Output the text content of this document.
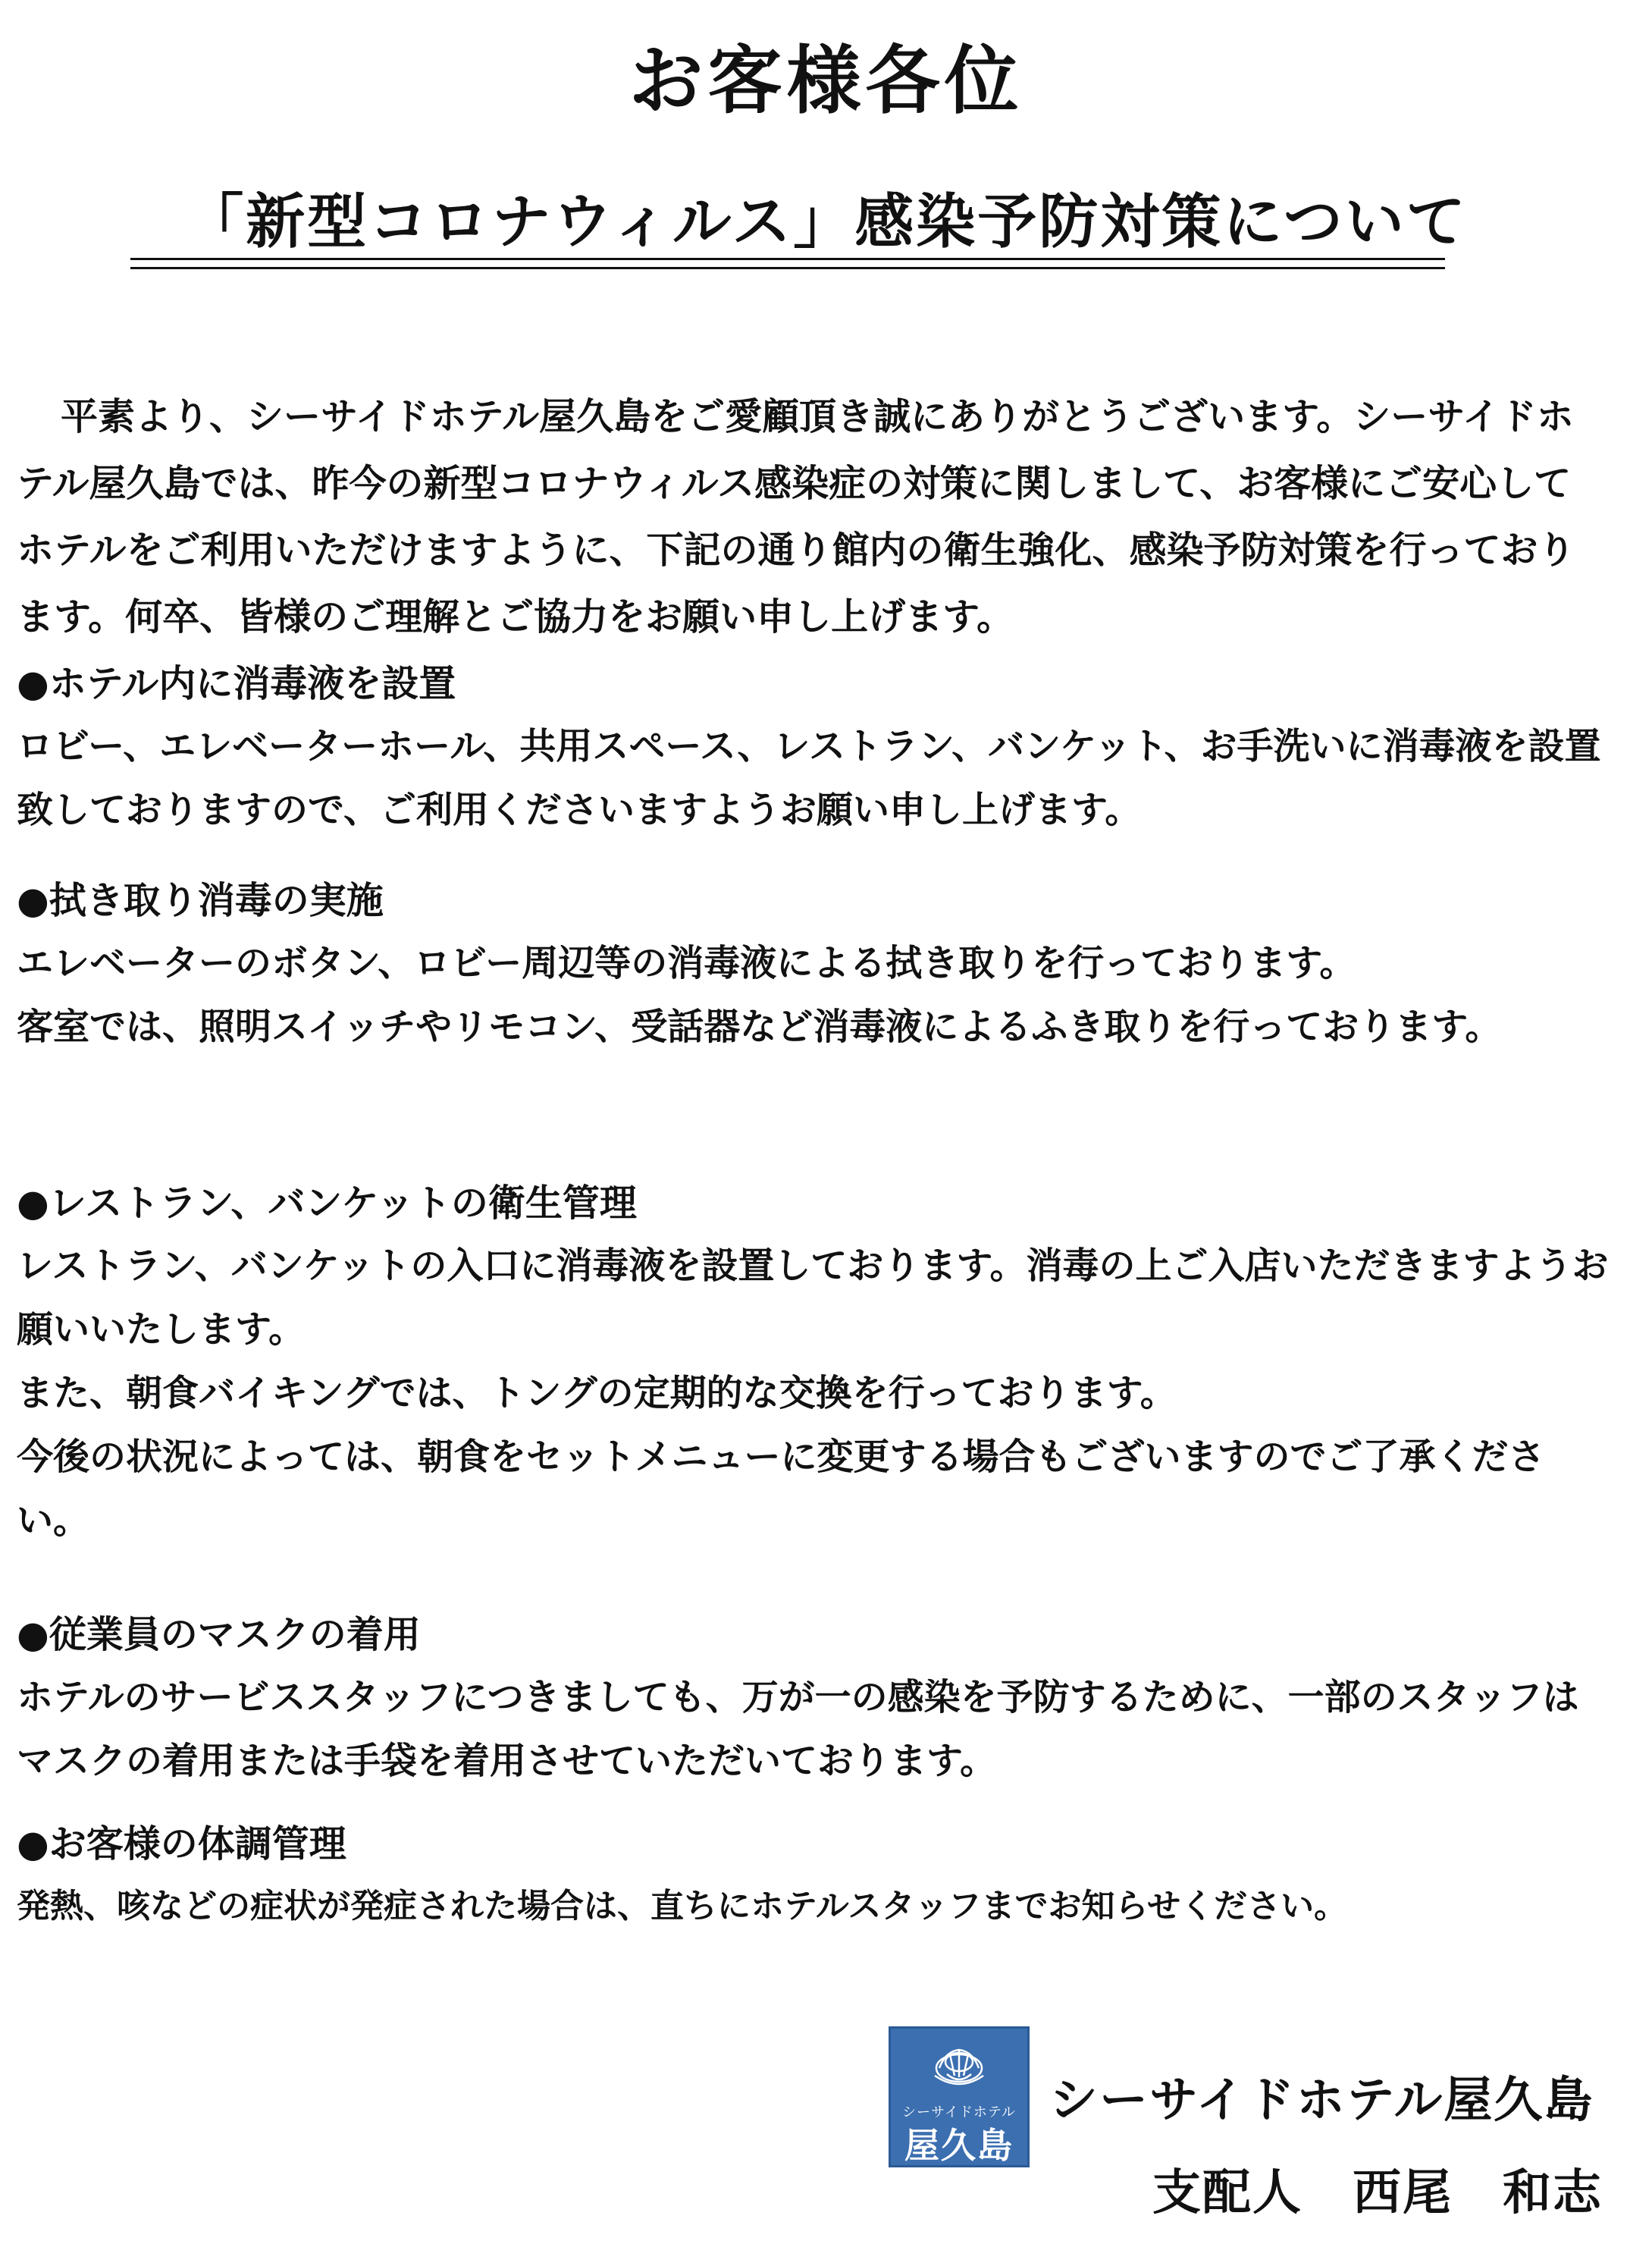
お客様各位
「新型コロナウィルス」感染予防対策について

平素より、シーサイドホテル屋久島をご愛顧頂き誠にありがとうございます。シーサイドホテル屋久島では、昨今の新型コロナウィルス感染症の対策に関しまして、お客様にご安心してホテルをご利用いただけますように、下記の通り館内の衛生強化、感染予防対策を行っております。何卒、皆様のご理解とご協力をお願い申し上げます。

●ホテル内に消毒液を設置

ロビー、エレベーターホール、共用スペース、レストラン、バンケット、お手洗いに消毒液を設置致しておりますので、ご利用くださいますようお願い申し上げます。

●拭き取り消毒の実施

エレベーターのボタン、ロビー周辺等の消毒液による拭き取りを行っております。

客室では、照明スイッチやリモコン、受話器など消毒液によるふき取りを行っております。

●レストラン、バンケットの衛生管理

レストラン、バンケットの入口に消毒液を設置しております。消毒の上ご入店いただきますようお願いいたします。

また、朝食バイキングでは、トングの定期的な交換を行っております。

今後の状況によっては、朝食をセットメニューに変更する場合もございますのでご了承ください。

●従業員のマスクの着用

ホテルのサービススタッフにつきましても、万が一の感染を予防するために、一部のスタッフはマスクの着用または手袋を着用させていただいております。

●お客様の体調管理

発熱、咳などの症状が発症された場合は、直ちにホテルスタッフまでお知らせください。

シーサイドホテル
屋久島
シーサイドホテル屋久島
支配人　西尾　和志
